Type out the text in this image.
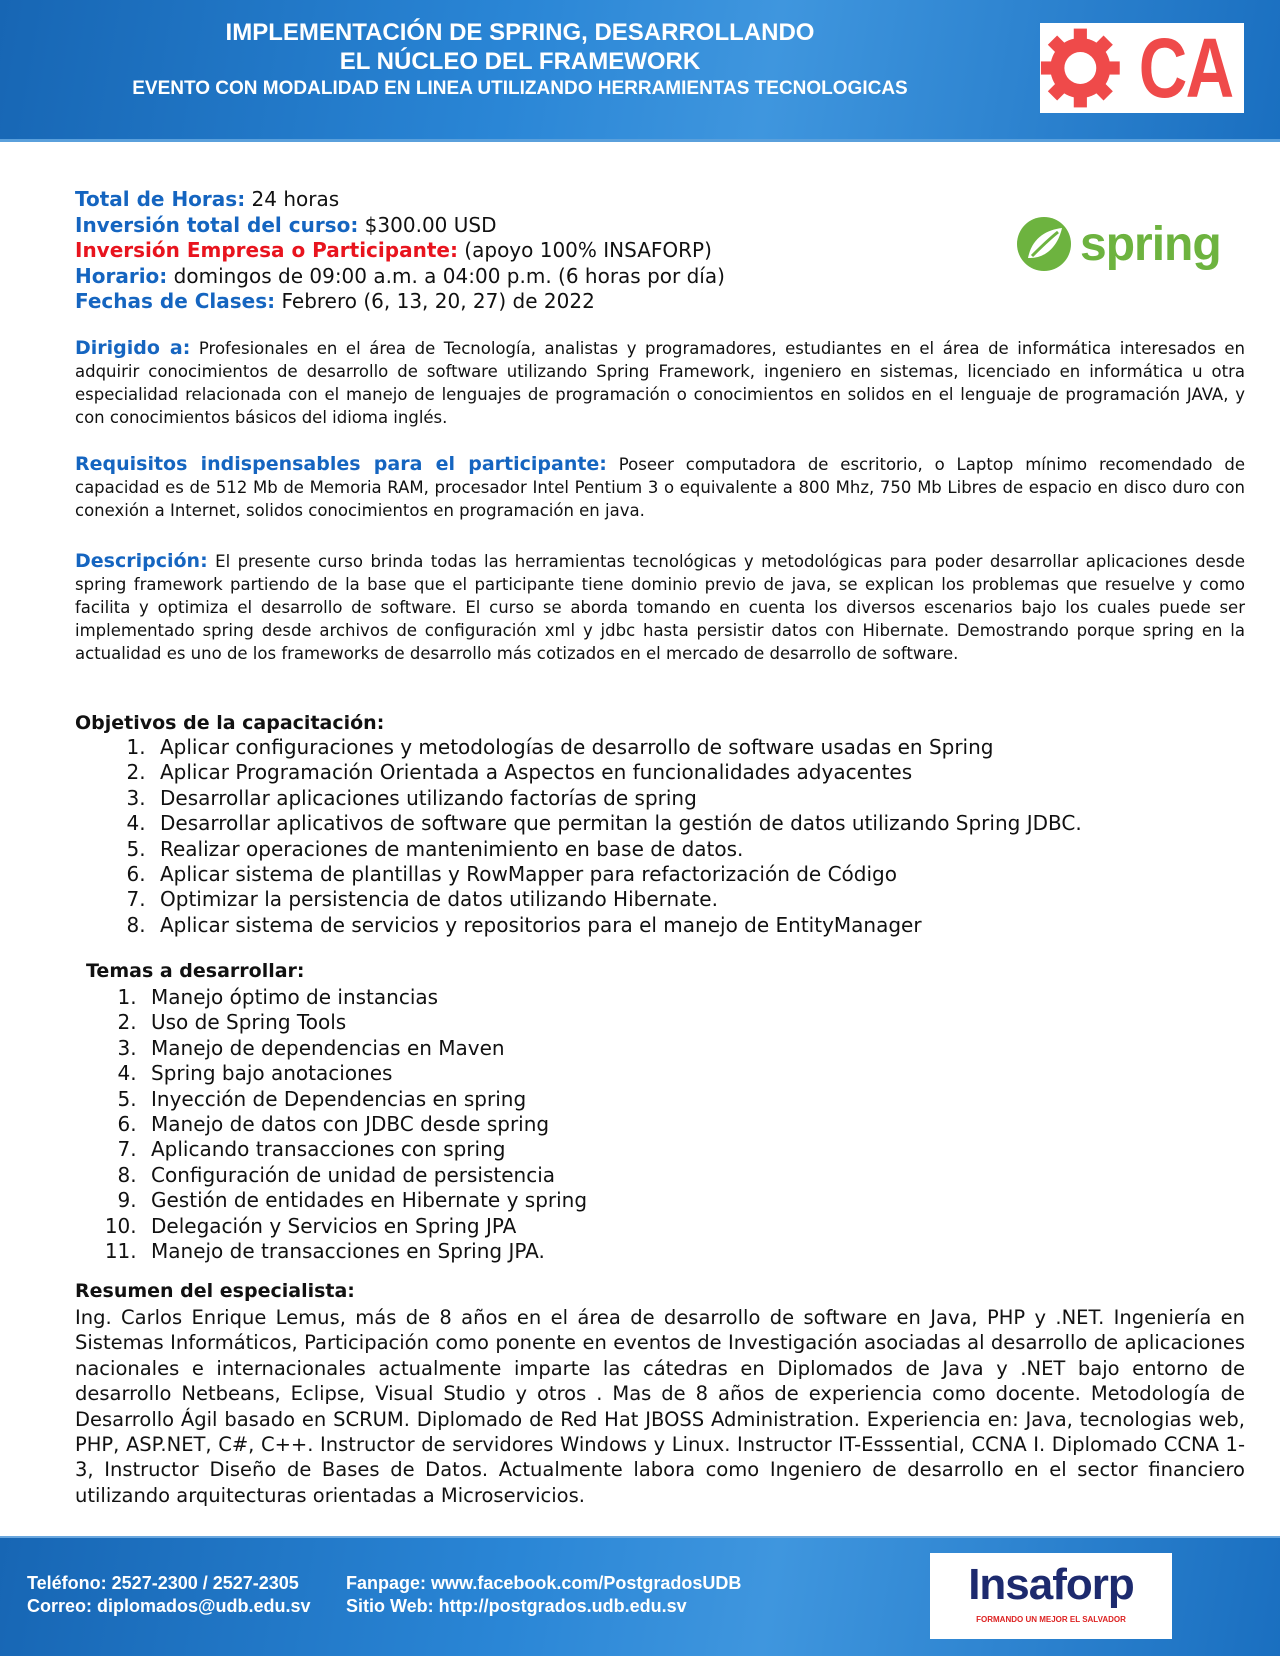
IMPLEMENTACIÓN DE SPRING, DESARROLLANDO
EL NÚCLEO DEL FRAMEWORK
EVENTO CON MODALIDAD EN LINEA UTILIZANDO HERRAMIENTAS TECNOLOGICAS	CA
Total de Horas: 24 horas
Inversión total del curso: $300.00 USD
Inversión Empresa o Participante: (apoyo 100% INSAFORP)
Horario: domingos de 09:00 a.m. a 04:00 p.m. (6 horas por día)
Fechas de Clases: Febrero (6, 13, 20, 27) de 2022
spring
Dirigido a: Profesionales en el área de Tecnología, analistas y programadores, estudiantes en el área de informática interesados en adquirir conocimientos de desarrollo de software utilizando Spring Framework, ingeniero en sistemas, licenciado en informática u otra especialidad relacionada con el manejo de lenguajes de programación o conocimientos en solidos en el lenguaje de programación JAVA, y con conocimientos básicos del idioma inglés.
Requisitos indispensables para el participante: Poseer computadora de escritorio, o Laptop mínimo recomendado de capacidad es de 512 Mb de Memoria RAM, procesador Intel Pentium 3 o equivalente a 800 Mhz, 750 Mb Libres de espacio en disco duro con conexión a Internet, solidos conocimientos en programación en java.
Descripción: El presente curso brinda todas las herramientas tecnológicas y metodológicas para poder desarrollar aplicaciones desde spring framework partiendo de la base que el participante tiene dominio previo de java, se explican los problemas que resuelve y como facilita y optimiza el desarrollo de software. El curso se aborda tomando en cuenta los diversos escenarios bajo los cuales puede ser implementado spring desde archivos de configuración xml y jdbc hasta persistir datos con Hibernate. Demostrando porque spring en la actualidad es uno de los frameworks de desarrollo más cotizados en el mercado de desarrollo de software.
Objetivos de la capacitación:
1. Aplicar configuraciones y metodologías de desarrollo de software usadas en Spring
2. Aplicar Programación Orientada a Aspectos en funcionalidades adyacentes
3. Desarrollar aplicaciones utilizando factorías de spring
4. Desarrollar aplicativos de software que permitan la gestión de datos utilizando Spring JDBC.
5. Realizar operaciones de mantenimiento en base de datos.
6. Aplicar sistema de plantillas y RowMapper para refactorización de Código
7. Optimizar la persistencia de datos utilizando Hibernate.
8. Aplicar sistema de servicios y repositorios para el manejo de EntityManager
Temas a desarrollar:
1. Manejo óptimo de instancias
2. Uso de Spring Tools
3. Manejo de dependencias en Maven
4. Spring bajo anotaciones
5. Inyección de Dependencias en spring
6. Manejo de datos con JDBC desde spring
7. Aplicando transacciones con spring
8. Configuración de unidad de persistencia
9. Gestión de entidades en Hibernate y spring
10. Delegación y Servicios en Spring JPA
11. Manejo de transacciones en Spring JPA.
Resumen del especialista:
Ing. Carlos Enrique Lemus, más de 8 años en el área de desarrollo de software en Java, PHP y .NET. Ingeniería en Sistemas Informáticos, Participación como ponente en eventos de Investigación asociadas al desarrollo de aplicaciones nacionales e internacionales actualmente imparte las cátedras en Diplomados de Java y .NET bajo entorno de desarrollo Netbeans, Eclipse, Visual Studio y otros . Mas de 8 años de experiencia como docente. Metodología de Desarrollo Ágil basado en SCRUM. Diplomado de Red Hat JBOSS Administration. Experiencia en: Java, tecnologias web, PHP, ASP.NET, C#, C++. Instructor de servidores Windows y Linux. Instructor IT-Esssential, CCNA I. Diplomado CCNA 1-3, Instructor Diseño de Bases de Datos. Actualmente labora como Ingeniero de desarrollo en el sector financiero utilizando arquitecturas orientadas a Microservicios.
Teléfono: 2527-2300 / 2527-2305
Correo: diplomados@udb.edu.sv
Fanpage: www.facebook.com/PostgradosUDB
Sitio Web: http://postgrados.udb.edu.sv	Insaforp
FORMANDO UN MEJOR EL SALVADOR
